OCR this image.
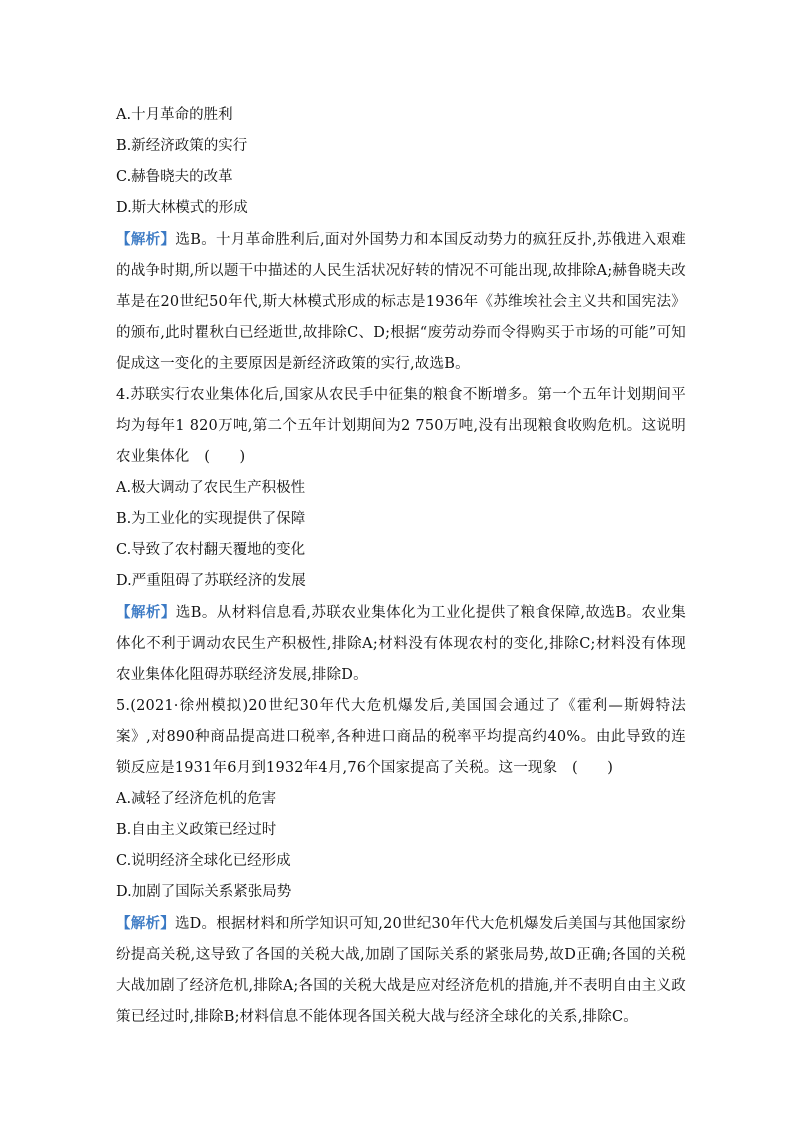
A.十月革命的胜利
B.新经济政策的实行
C.赫鲁晓夫的改革
D.斯大林模式的形成
【解析】选B。十月革命胜利后,面对外国势力和本国反动势力的疯狂反扑,苏俄进入艰难的战争时期,所以题干中描述的人民生活状况好转的情况不可能出现,故排除A;赫鲁晓夫改革是在20世纪50年代,斯大林模式形成的标志是1936年《苏维埃社会主义共和国宪法》的颁布,此时瞿秋白已经逝世,故排除C、D;根据“废劳动券而令得购买于市场的可能”可知促成这一变化的主要原因是新经济政策的实行,故选B。
4.苏联实行农业集体化后,国家从农民手中征集的粮食不断增多。第一个五年计划期间平均为每年1 820万吨,第二个五年计划期间为2 750万吨,没有出现粮食收购危机。这说明农业集体化　(　　)
A.极大调动了农民生产积极性
B.为工业化的实现提供了保障
C.导致了农村翻天覆地的变化
D.严重阻碍了苏联经济的发展
【解析】选B。从材料信息看,苏联农业集体化为工业化提供了粮食保障,故选B。农业集体化不利于调动农民生产积极性,排除A;材料没有体现农村的变化,排除C;材料没有体现农业集体化阻碍苏联经济发展,排除D。
5.(2021·徐州模拟)20世纪30年代大危机爆发后,美国国会通过了《霍利—斯姆特法案》,对890种商品提高进口税率,各种进口商品的税率平均提高约40%。由此导致的连锁反应是1931年6月到1932年4月,76个国家提高了关税。这一现象　(　　)
A.减轻了经济危机的危害
B.自由主义政策已经过时
C.说明经济全球化已经形成
D.加剧了国际关系紧张局势
【解析】选D。根据材料和所学知识可知,20世纪30年代大危机爆发后美国与其他国家纷纷提高关税,这导致了各国的关税大战,加剧了国际关系的紧张局势,故D正确;各国的关税大战加剧了经济危机,排除A;各国的关税大战是应对经济危机的措施,并不表明自由主义政策已经过时,排除B;材料信息不能体现各国关税大战与经济全球化的关系,排除C。
